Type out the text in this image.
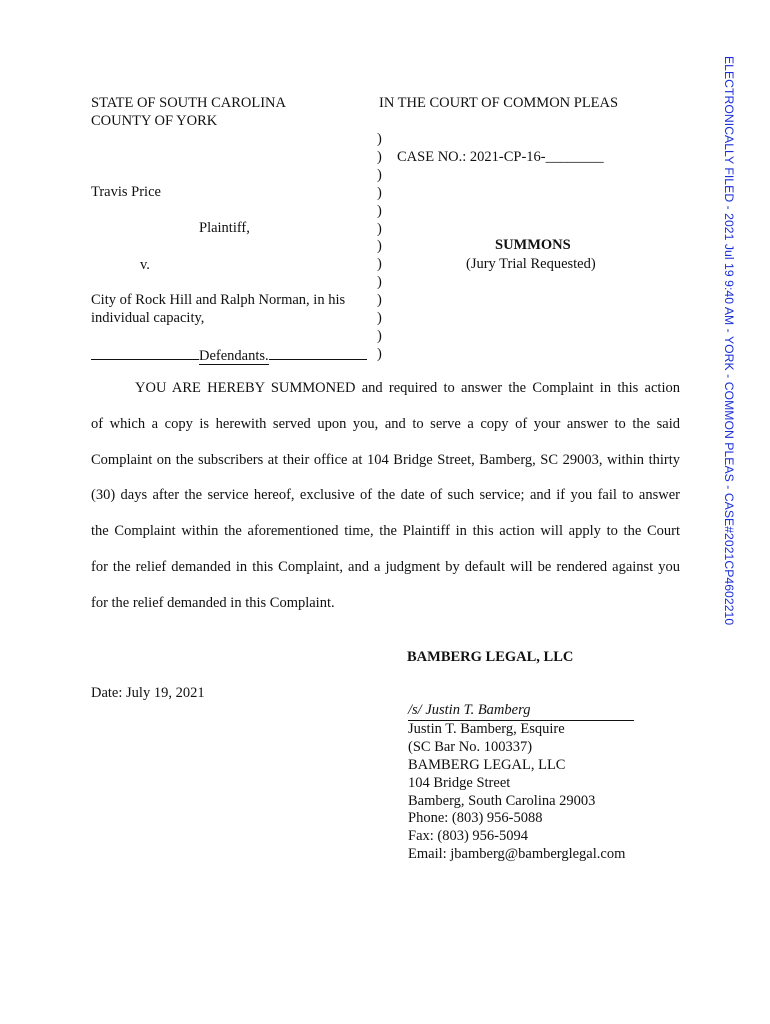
ELECTRONICALLY FILED - 2021 Jul 19 9:40 AM - YORK - COMMON PLEAS - CASE#2021CP4602210
STATE OF SOUTH CAROLINA
COUNTY OF YORK
IN THE COURT OF COMMON PLEAS
)
)
)
)
)
)
)
)
)
)
)
)
)
CASE NO.: 2021-CP-16-________
Travis Price
Plaintiff,
v.
City of Rock Hill and Ralph Norman, in his
individual capacity,
Defendants.
SUMMONS
(Jury Trial Requested)
YOU ARE HEREBY SUMMONED and required to answer the Complaint in this action
of which a copy is herewith served upon you, and to serve a copy of your answer to the said
Complaint on the subscribers at their office at 104 Bridge Street, Bamberg, SC 29003, within thirty
(30) days after the service hereof, exclusive of the date of such service; and if you fail to answer
the Complaint within the aforementioned time, the Plaintiff in this action will apply to the Court
for the relief demanded in this Complaint, and a judgment by default will be rendered against you
for the relief demanded in this Complaint.
BAMBERG LEGAL, LLC
Date: July 19, 2021
/s/ Justin T. Bamberg
Justin T. Bamberg, Esquire
(SC Bar No. 100337)
BAMBERG LEGAL, LLC
104 Bridge Street
Bamberg, South Carolina 29003
Phone: (803) 956-5088
Fax: (803) 956-5094
Email: jbamberg@bamberglegal.com
